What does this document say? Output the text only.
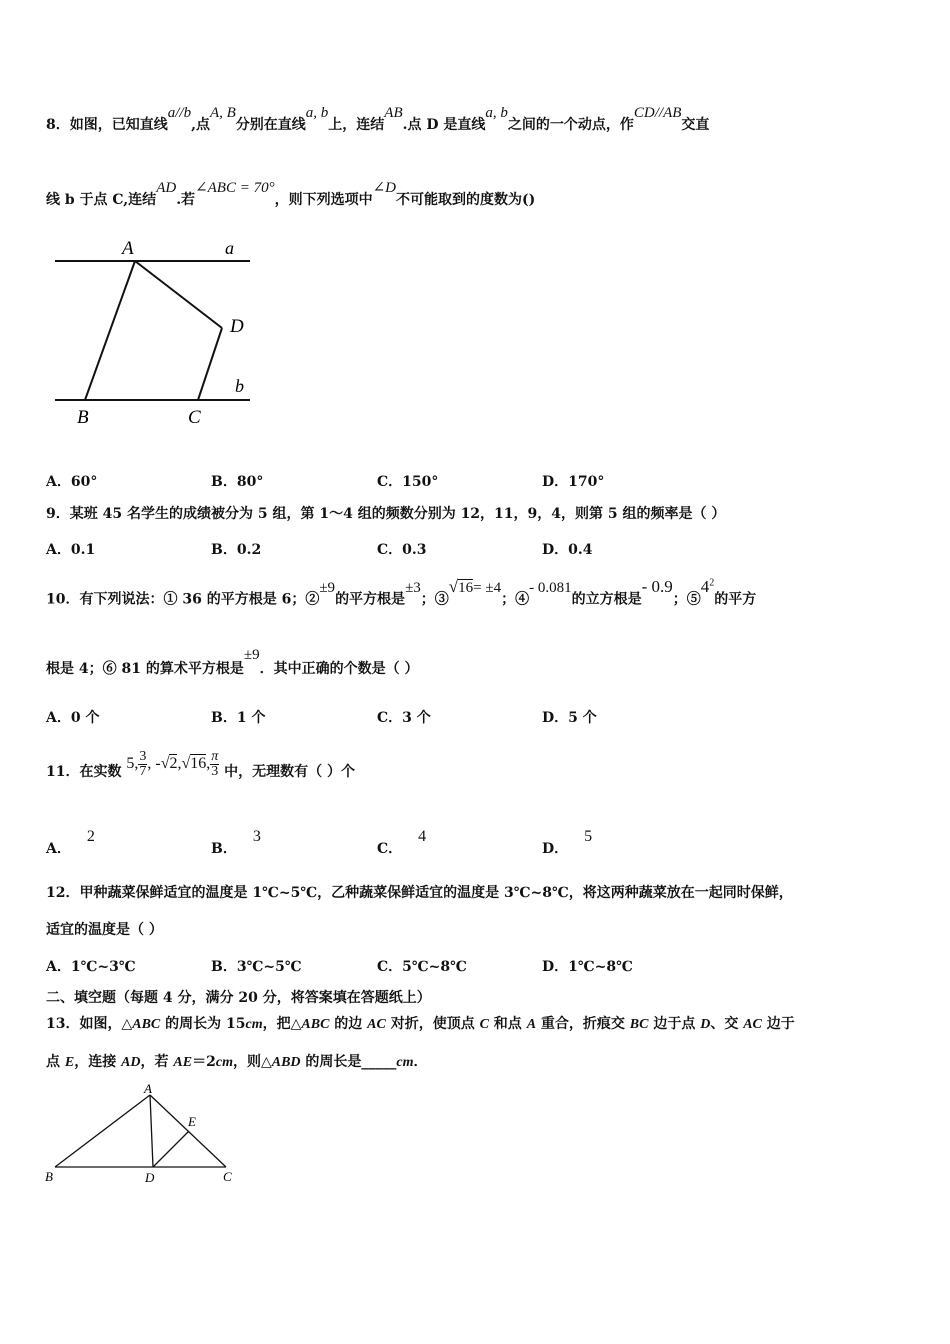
8．如图，已知直线a//b,点A, B分别在直线a, b上，连结AB.点 D 是直线a, b之间的一个动点，作CD//AB交直
线 b 于点 C,连结AD.若∠ABC = 70°，则下列选项中∠D不可能取到的度数为()
A	a
D
b
B	C
A．60°	B．80°	C．150°	D．170°
9．某班 45 名学生的成绩被分为 5 组，第 1～4 组的频数分别为 12，11，9，4，则第 5 组的频率是（ ）
A．0.1	B．0.2	C．0.3	D．0.4
10．有下列说法：① 36 的平方根是 6；②±9的平方根是±3；③√16= ±4；④- 0.081的立方根是- 0.9；$⑤4^2$的平方
根是 4；⑥ 81 的算术平方根是±9．其中正确的个数是（ ）
A．0 个	B．1 个	C．3 个	D．5 个
11．在实数 5, $\frac{3}{7}$ , -√2,√16, $\frac{\pi}{3}$ 中，无理数有（ ）个
A．2
B．3
C．4
D．5
12．甲种蔬菜保鲜适宜的温度是 1℃~5℃，乙种蔬菜保鲜适宜的温度是 3℃~8℃，将这两种蔬菜放在一起同时保鲜，
适宜的温度是（ ）
A．1℃~3℃	B．3℃~5℃	C．5℃~8℃	D．1℃~8℃
二、填空题（每题 4 分，满分 20 分，将答案填在答题纸上）
13．如图，△ABC 的周长为 15cm，把△ABC 的边 AC 对折，使顶点 C 和点 A 重合，折痕交 BC 边于点 D、交 AC 边于
点 E，连接 AD，若 AE＝2cm，则△ABD 的周长是_____cm．
A
E
B	D	C
